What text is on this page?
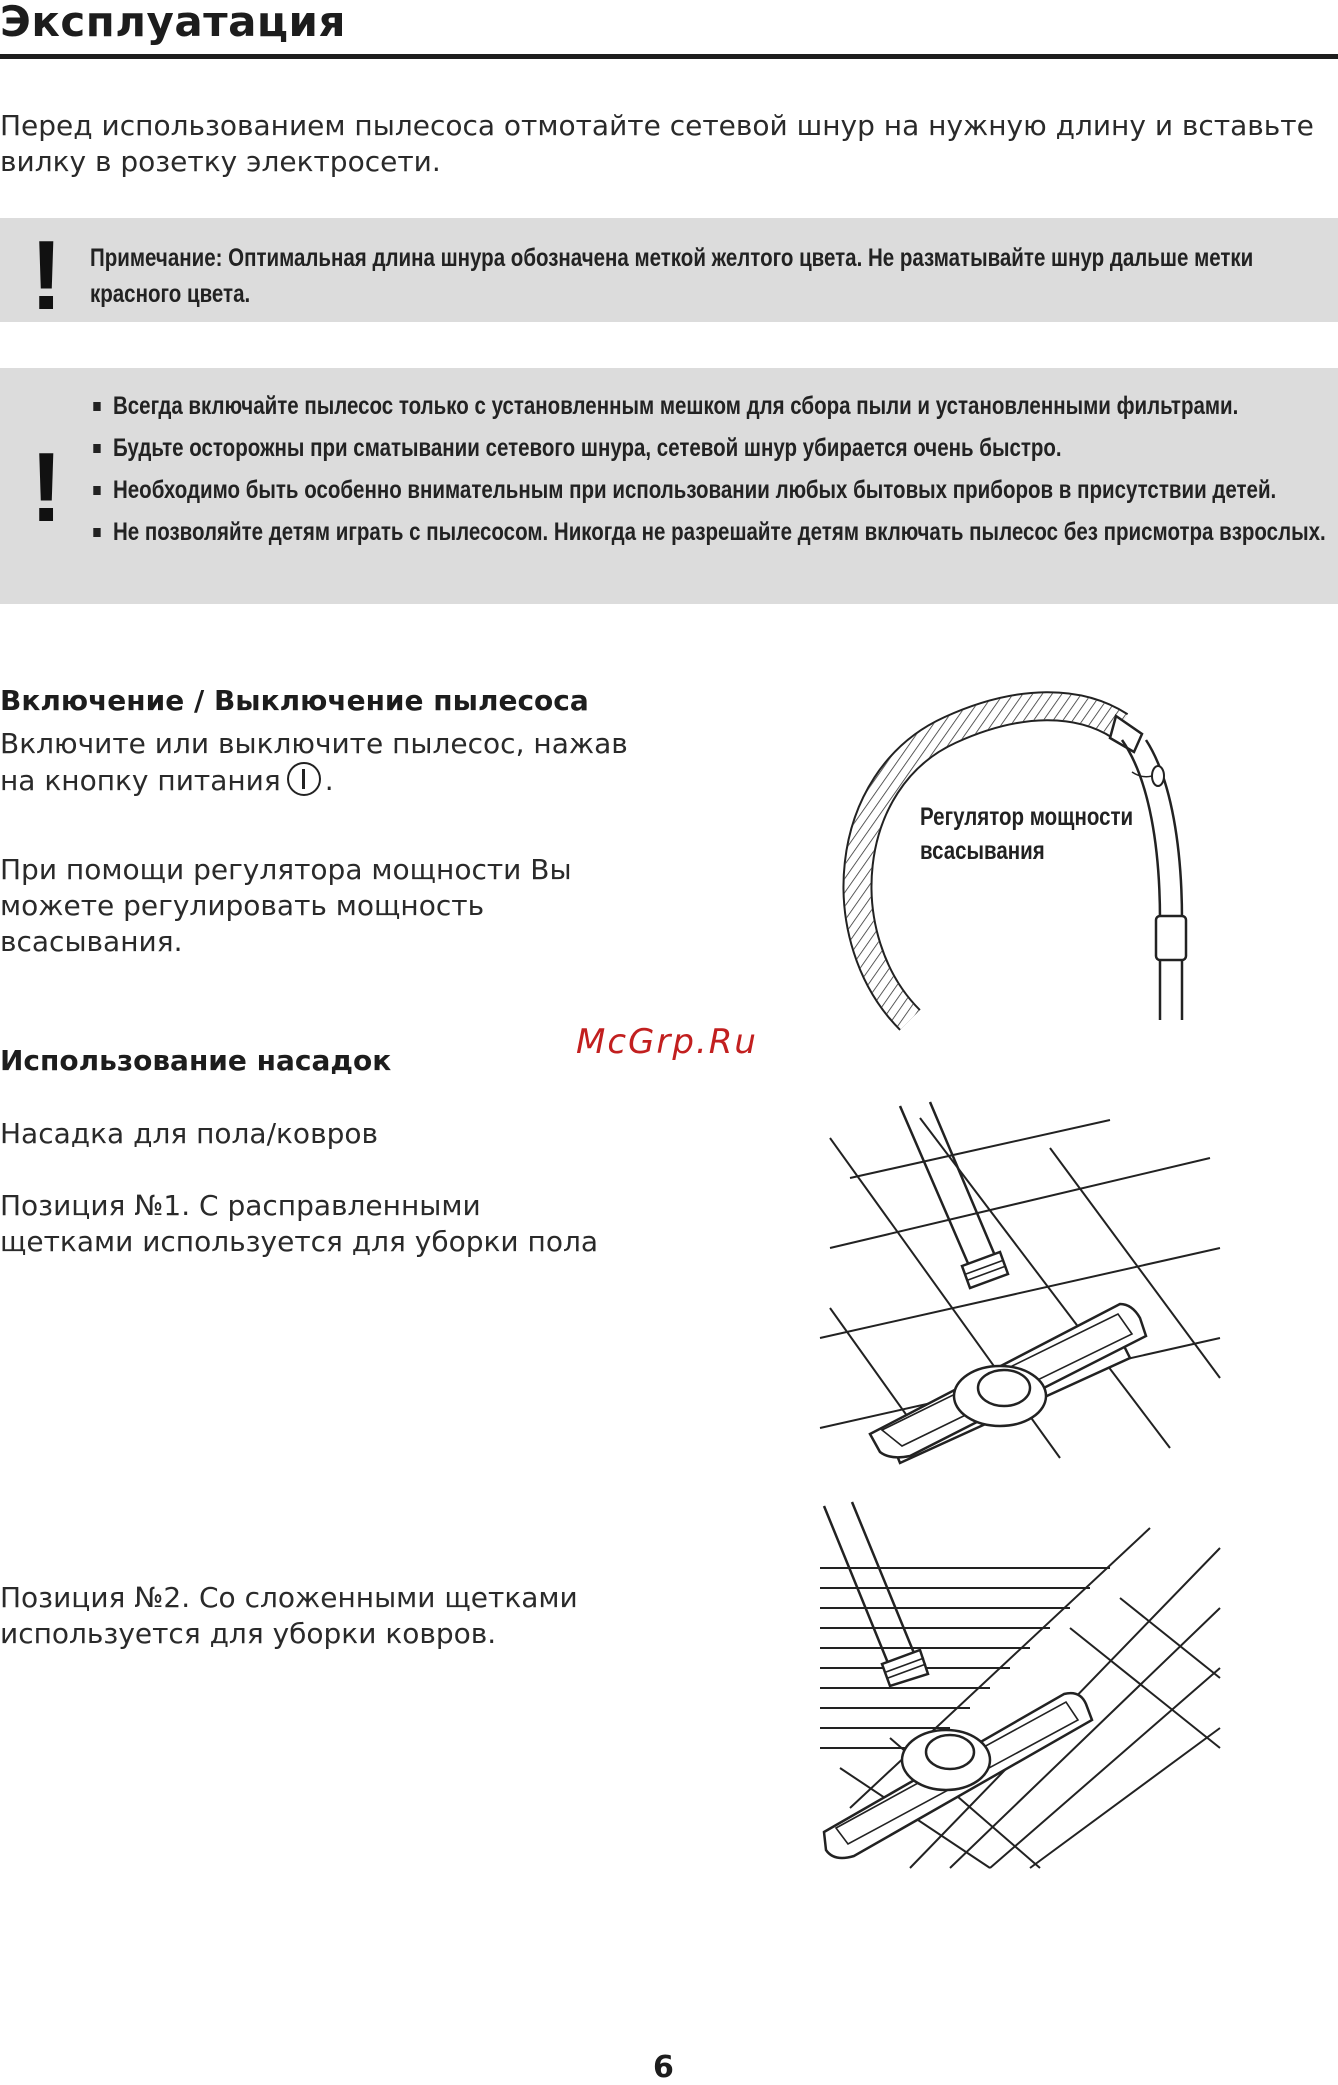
Эксплуатация
Перед использованием пылесоса отмотайте сетевой шнур на нужную длину и вставьте вилку в розетку электросети.
! Примечание: Оптимальная длина шнура обозначена меткой желтого цвета. Не разматывайте шнур дальше метки красного цвета.
!
Всегда включайте пылесос только с установленным мешком для сбора пыли и установленными фильтрами.
Будьте осторожны при сматывании сетевого шнура, сетевой шнур убирается очень быстро.
Необходимо быть особенно внимательным при использовании любых бытовых приборов в присутствии детей.
Не позволяйте детям играть с пылесосом. Никогда не разрешайте детям включать пылесос без присмотра взрослых.
Включение / Выключение пылесоса
Включите или выключите пылесос, нажав на кнопку питания .
При помощи регулятора мощности Вы можете регулировать мощность всасывания.
Регулятор мощности всасывания
McGrp.Ru
Использование насадок
Насадка для пола/ковров
Позиция №1. С расправленными щетками используется для уборки пола
Позиция №2. Со сложенными щетками используется для уборки ковров.
6
